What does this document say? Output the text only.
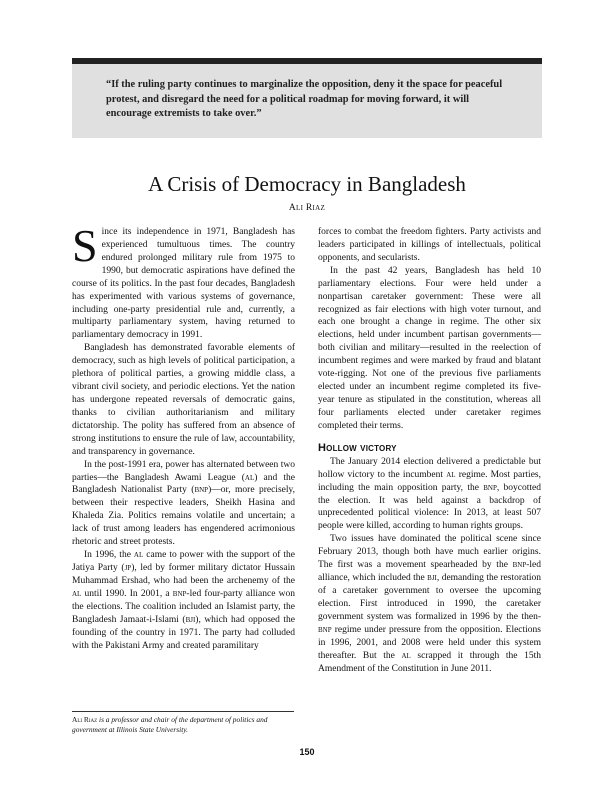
“If the ruling party continues to marginalize the opposition, deny it the space for peaceful protest, and disregard the need for a political roadmap for moving forward, it will encourage extremists to take over.”

A Crisis of Democracy in Bangladesh

Ali Riaz

Since its independence in 1971, Bangladesh has experienced tumultuous times. The country endured prolonged military rule from 1975 to 1990, but democratic aspirations have defined the course of its politics. In the past four decades, Bangladesh has experimented with various systems of governance, including one-party presidential rule and, currently, a multiparty parliamentary system, having returned to parliamentary democracy in 1991.

Bangladesh has demonstrated favorable elements of democracy, such as high levels of political participation, a plethora of political parties, a growing middle class, a vibrant civil society, and periodic elections. Yet the nation has undergone repeated reversals of democratic gains, thanks to civilian authoritarianism and military dictatorship. The polity has suffered from an absence of strong institutions to ensure the rule of law, accountability, and transparency in governance.

In the post-1991 era, power has alternated between two parties—the Bangladesh Awami League (al) and the Bangladesh Nationalist Party (bnp)—or, more precisely, between their respective leaders, Sheikh Hasina and Khaleda Zia. Politics remains volatile and uncertain; a lack of trust among leaders has engendered acrimonious rhetoric and street protests.

In 1996, the al came to power with the support of the Jatiya Party (jp), led by former military dictator Hussain Muhammad Ershad, who had been the archenemy of the al until 1990. In 2001, a bnp-led four-party alliance won the elections. The coalition included an Islamist party, the Bangladesh Jamaat-i-Islami (bji), which had opposed the founding of the country in 1971. The party had colluded with the Pakistani Army and created paramilitary

forces to combat the freedom fighters. Party activists and leaders participated in killings of intellectuals, political opponents, and secularists.

In the past 42 years, Bangladesh has held 10 parliamentary elections. Four were held under a nonpartisan caretaker government: These were all recognized as fair elections with high voter turnout, and each one brought a change in regime. The other six elections, held under incumbent partisan governments—both civilian and military—resulted in the reelection of incumbent regimes and were marked by fraud and blatant vote-rigging. Not one of the previous five parliaments elected under an incumbent regime completed its five-year tenure as stipulated in the constitution, whereas all four parliaments elected under caretaker regimes completed their terms.

Hollow victory

The January 2014 election delivered a predictable but hollow victory to the incumbent al regime. Most parties, including the main opposition party, the bnp, boycotted the election. It was held against a backdrop of unprecedented political violence: In 2013, at least 507 people were killed, according to human rights groups.

Two issues have dominated the political scene since February 2013, though both have much earlier origins. The first was a movement spearheaded by the bnp-led alliance, which included the bji, demanding the restoration of a caretaker government to oversee the upcoming election. First introduced in 1990, the caretaker government system was formalized in 1996 by the then-bnp regime under pressure from the opposition. Elections in 1996, 2001, and 2008 were held under this system thereafter. But the al scrapped it through the 15th Amendment of the Constitution in June 2011.

Ali Riaz is a professor and chair of the department of politics and government at Illinois State University.

150
